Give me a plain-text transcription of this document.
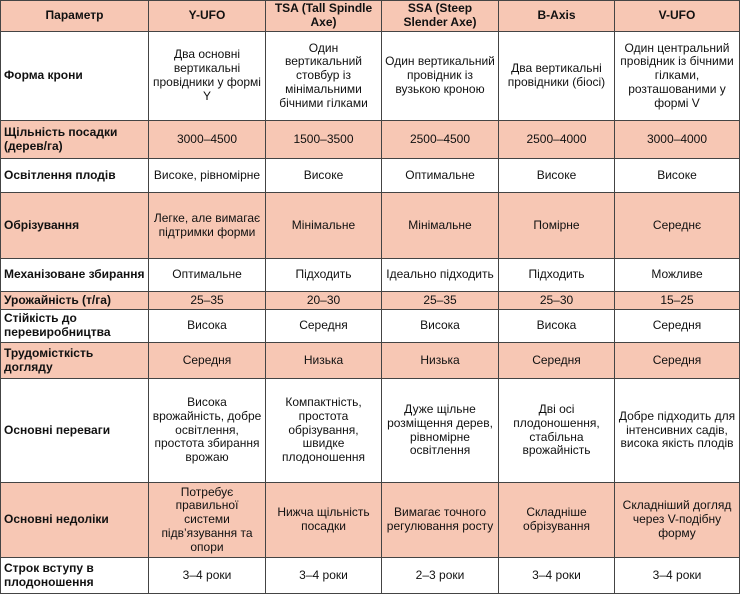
Параметр	Y-UFO	TSA (Tall Spindle Axe)	SSA (Steep Slender Axe)	B-Axis	V-UFO
Форма крони	Два основні вертикальні провідники у формі Y	Один вертикальний стовбур із мінімальними бічними гілками	Один вертикальний провідник із вузькою кроною	Два вертикальні провідники (біосі)	Один центральний провідник із бічними гілками, розташованими у формі V
Щільність посадки (дерев/га)	3000–4500	1500–3500	2500–4500	2500–4000	3000–4000
Освітлення плодів	Високе, рівномірне	Високе	Оптимальне	Високе	Високе
Обрізування	Легке, але вимагає підтримки форми	Мінімальне	Мінімальне	Помірне	Середнє
Механізоване збирання	Оптимальне	Підходить	Ідеально підходить	Підходить	Можливе
Урожайність (т/га)	25–35	20–30	25–35	25–30	15–25
Стійкість до перевиробництва	Висока	Середня	Висока	Висока	Середня
Трудомісткість догляду	Середня	Низька	Низька	Середня	Середня
Основні переваги	Висока врожайність, добре освітлення, простота збирання врожаю	Компактність, простота обрізування, швидке плодоношення	Дуже щільне розміщення дерев, рівномірне освітлення	Дві осі плодоношення, стабільна врожайність	Добре підходить для інтенсивних садів, висока якість плодів
Основні недоліки	Потребує правильної системи підв’язування та опори	Нижча щільність посадки	Вимагає точного регулювання росту	Складніше обрізування	Складніший догляд через V-подібну форму
Строк вступу в плодоношення	3–4 роки	3–4 роки	2–3 роки	3–4 роки	3–4 роки
